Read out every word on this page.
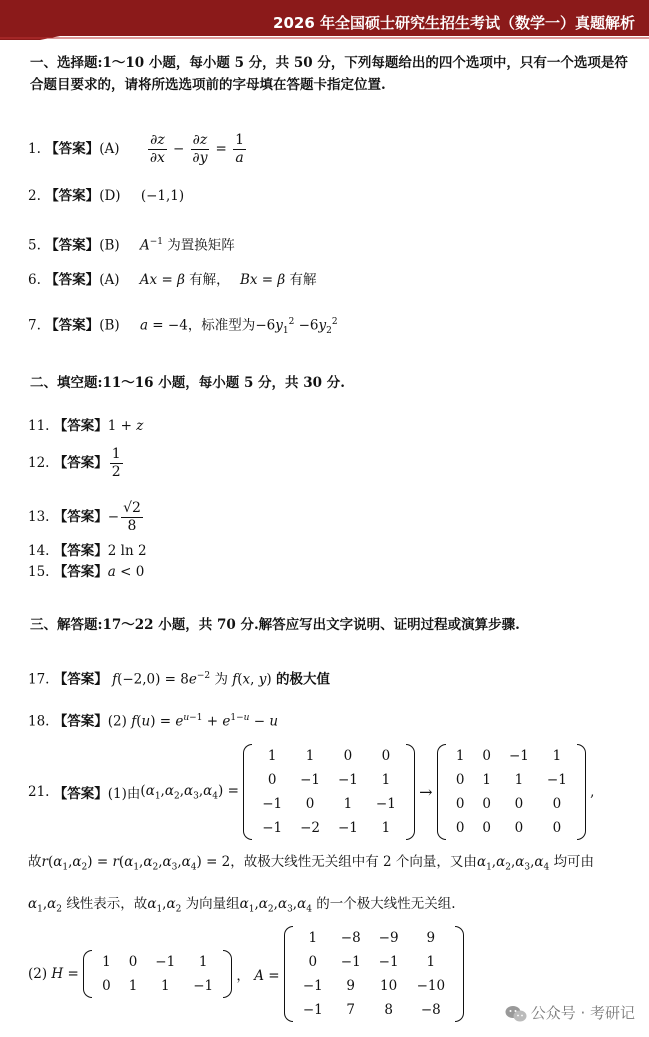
2026 年全国硕士研究生招生考试（数学一）真题解析
一、选择题:1～10 小题，每小题 5 分，共 50 分，下列每题给出的四个选项中，只有一个选项是符
合题目要求的，请将所选选项前的字母填在答题卡指定位置.
1. 【答案】$(A) \frac{\partial z}{\partial x} - \frac{\partial z}{\partial y} = \frac{1}{a}$
2. 【答案】(D) (−1,1)
5. 【答案】(B) $A^{-1}$ 为置换矩阵
6. 【答案】(A) Ax = β 有解， Bx = β 有解
7. 【答案】(B) a = −4，标准型为$-6y_1^2 -6y_2^2$
二、填空题:11～16 小题，每小题 5 分，共 30 分.
11. 【答案】1 + z
12. 【答案】 $\frac{1}{2}$
13. 【答案】− $\frac{√2}{8}$
14. 【答案】2 ln 2
15. 【答案】a < 0
三、解答题:17～22 小题，共 70 分.解答应写出文字说明、证明过程或演算步骤.
17. 【答案】 $f(-2,0) = 8e^{-2}$ 为 f(x, y) 的极大值
18. 【答案】(2) $f(u) = e^{u-1} + e^{1-u} - u$
21. 【答案】(1)由$(\alpha_1,\alpha_2,\alpha_3,\alpha_4)$ =
1	1	0	0
0	−1	−1	1
−1	0	1	−1
−1	−2	−1	1
→
1	0	−1	1
0	1	1	−1
0	0	0	0
0	0	0	0
,
故$r(\alpha_1,\alpha_2) = r(\alpha_1,\alpha_2,\alpha_3,\alpha_4) = 2$，故极大线性无关组中有 2 个向量，又由$\alpha_1,\alpha_2,\alpha_3,\alpha_4$ 均可由
$\alpha_1,\alpha_2$ 线性表示，故$\alpha_1,\alpha_2$ 为向量组$\alpha_1,\alpha_2,\alpha_3,\alpha_4$ 的一个极大线性无关组.
(2) H =
1	0	−1	1
0	1	1	−1
， A =
1	−8	−9	9
0	−1	−1	1
−1	9	10	−10
−1	7	8	−8	公众号 · 考研记
